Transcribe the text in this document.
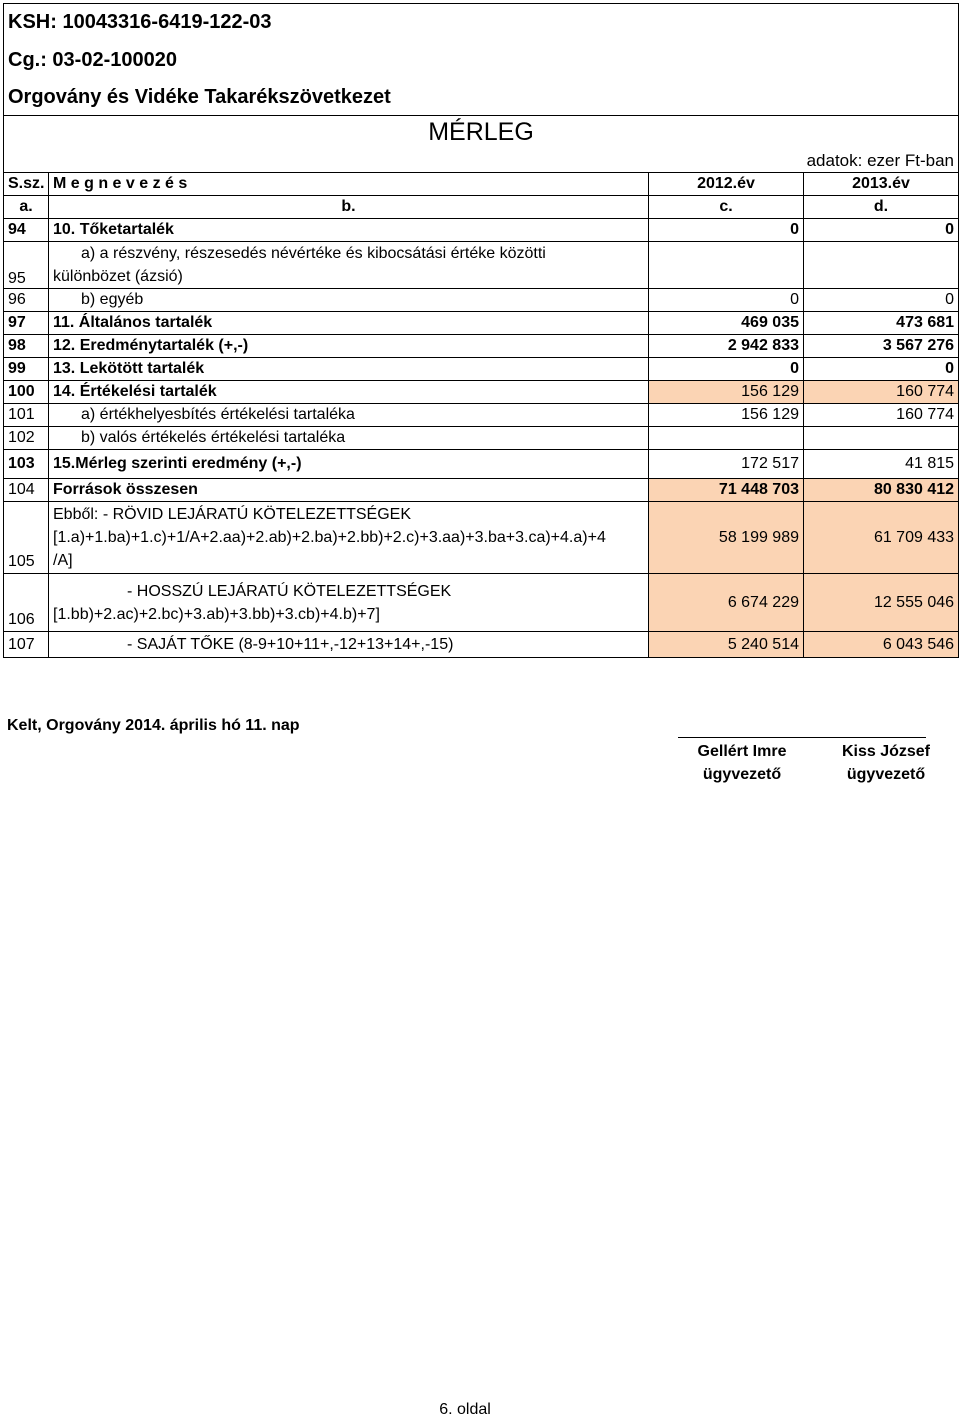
KSH: 10043316-6419-122-03			
Cg.: 03-02-100020			
Orgovány és Vidéke Takarékszövetkezet			
MÉRLEG			
adatok: ezer Ft-ban			
S.sz.	M e g n e v e z é s	2012.év	2013.év
a.	b.	c.	d.
94	10. Tőketartalék	0	0
95	a) a részvény, részesedés névértéke és kibocsátási értéke közötti
különbözet (ázsió)		

96	b) egyéb	0	0
97	11. Általános tartalék	469 035	473 681
98	12. Eredménytartalék (+,-)	2 942 833	3 567 276
99	13. Lekötött tartalék	0	0
100	14. Értékelési tartalék	156 129	160 774
101	a) értékhelyesbítés értékelési tartaléka	156 129	160 774
102	b) valós értékelés értékelési tartaléka		
103	15.Mérleg szerinti eredmény (+,-)	172 517	41 815
104	Források összesen	71 448 703	80 830 412
105	Ebből: - RÖVID LEJÁRATÚ KÖTELEZETTSÉGEK
[1.a)+1.ba)+1.c)+1/A+2.aa)+2.ab)+2.ba)+2.bb)+2.c)+3.aa)+3.ba+3.ca)+4.a)+4
/A]	58 199 989	61 709 433
106	- HOSSZÚ LEJÁRATÚ KÖTELEZETTSÉGEK
[1.bb)+2.ac)+2.bc)+3.ab)+3.bb)+3.cb)+4.b)+7]	6 674 229	12 555 046
107	- SAJÁT TŐKE (8-9+10+11+,-12+13+14+,-15)	5 240 514	6 043 546
Kelt, Orgovány 2014. április hó 11. nap
Gellért Imre
ügyvezető
Kiss József
ügyvezető
6. oldal
